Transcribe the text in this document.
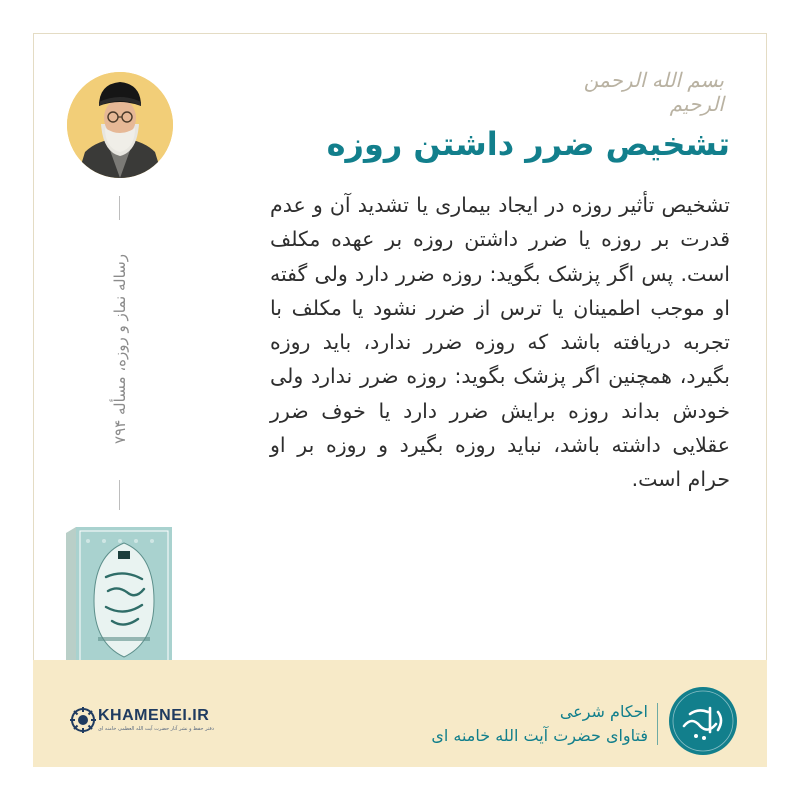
بسم الله الرحمن الرحیم
تشخیص ضرر داشتن روزه

تشخیص تأثیر روزه در ایجاد بیماری یا تشدید آن و عدم قدرت بر روزه یا ضرر داشتن روزه بر عهده مکلف است. پس اگر پزشک بگوید: روزه ضرر دارد ولی گفته او موجب اطمینان یا ترس از ضرر نشود یا مکلف با تجربه دریافته باشد که روزه ضرر ندارد، باید روزه بگیرد، همچنین اگر پزشک بگوید: روزه ضرر ندارد ولی خودش بداند روزه برایش ضرر دارد یا خوف ضرر عقلایی داشته باشد، نباید روزه بگیرد و روزه بر او حرام است.

رساله نماز و روزه، مسأله ۷۹۴
KHAMENEI.IR
دفتر حفظ و نشر آثار حضرت آیت الله العظمی خامنه ای
احکام شرعی
فتاوای حضرت آیت الله خامنه ای
